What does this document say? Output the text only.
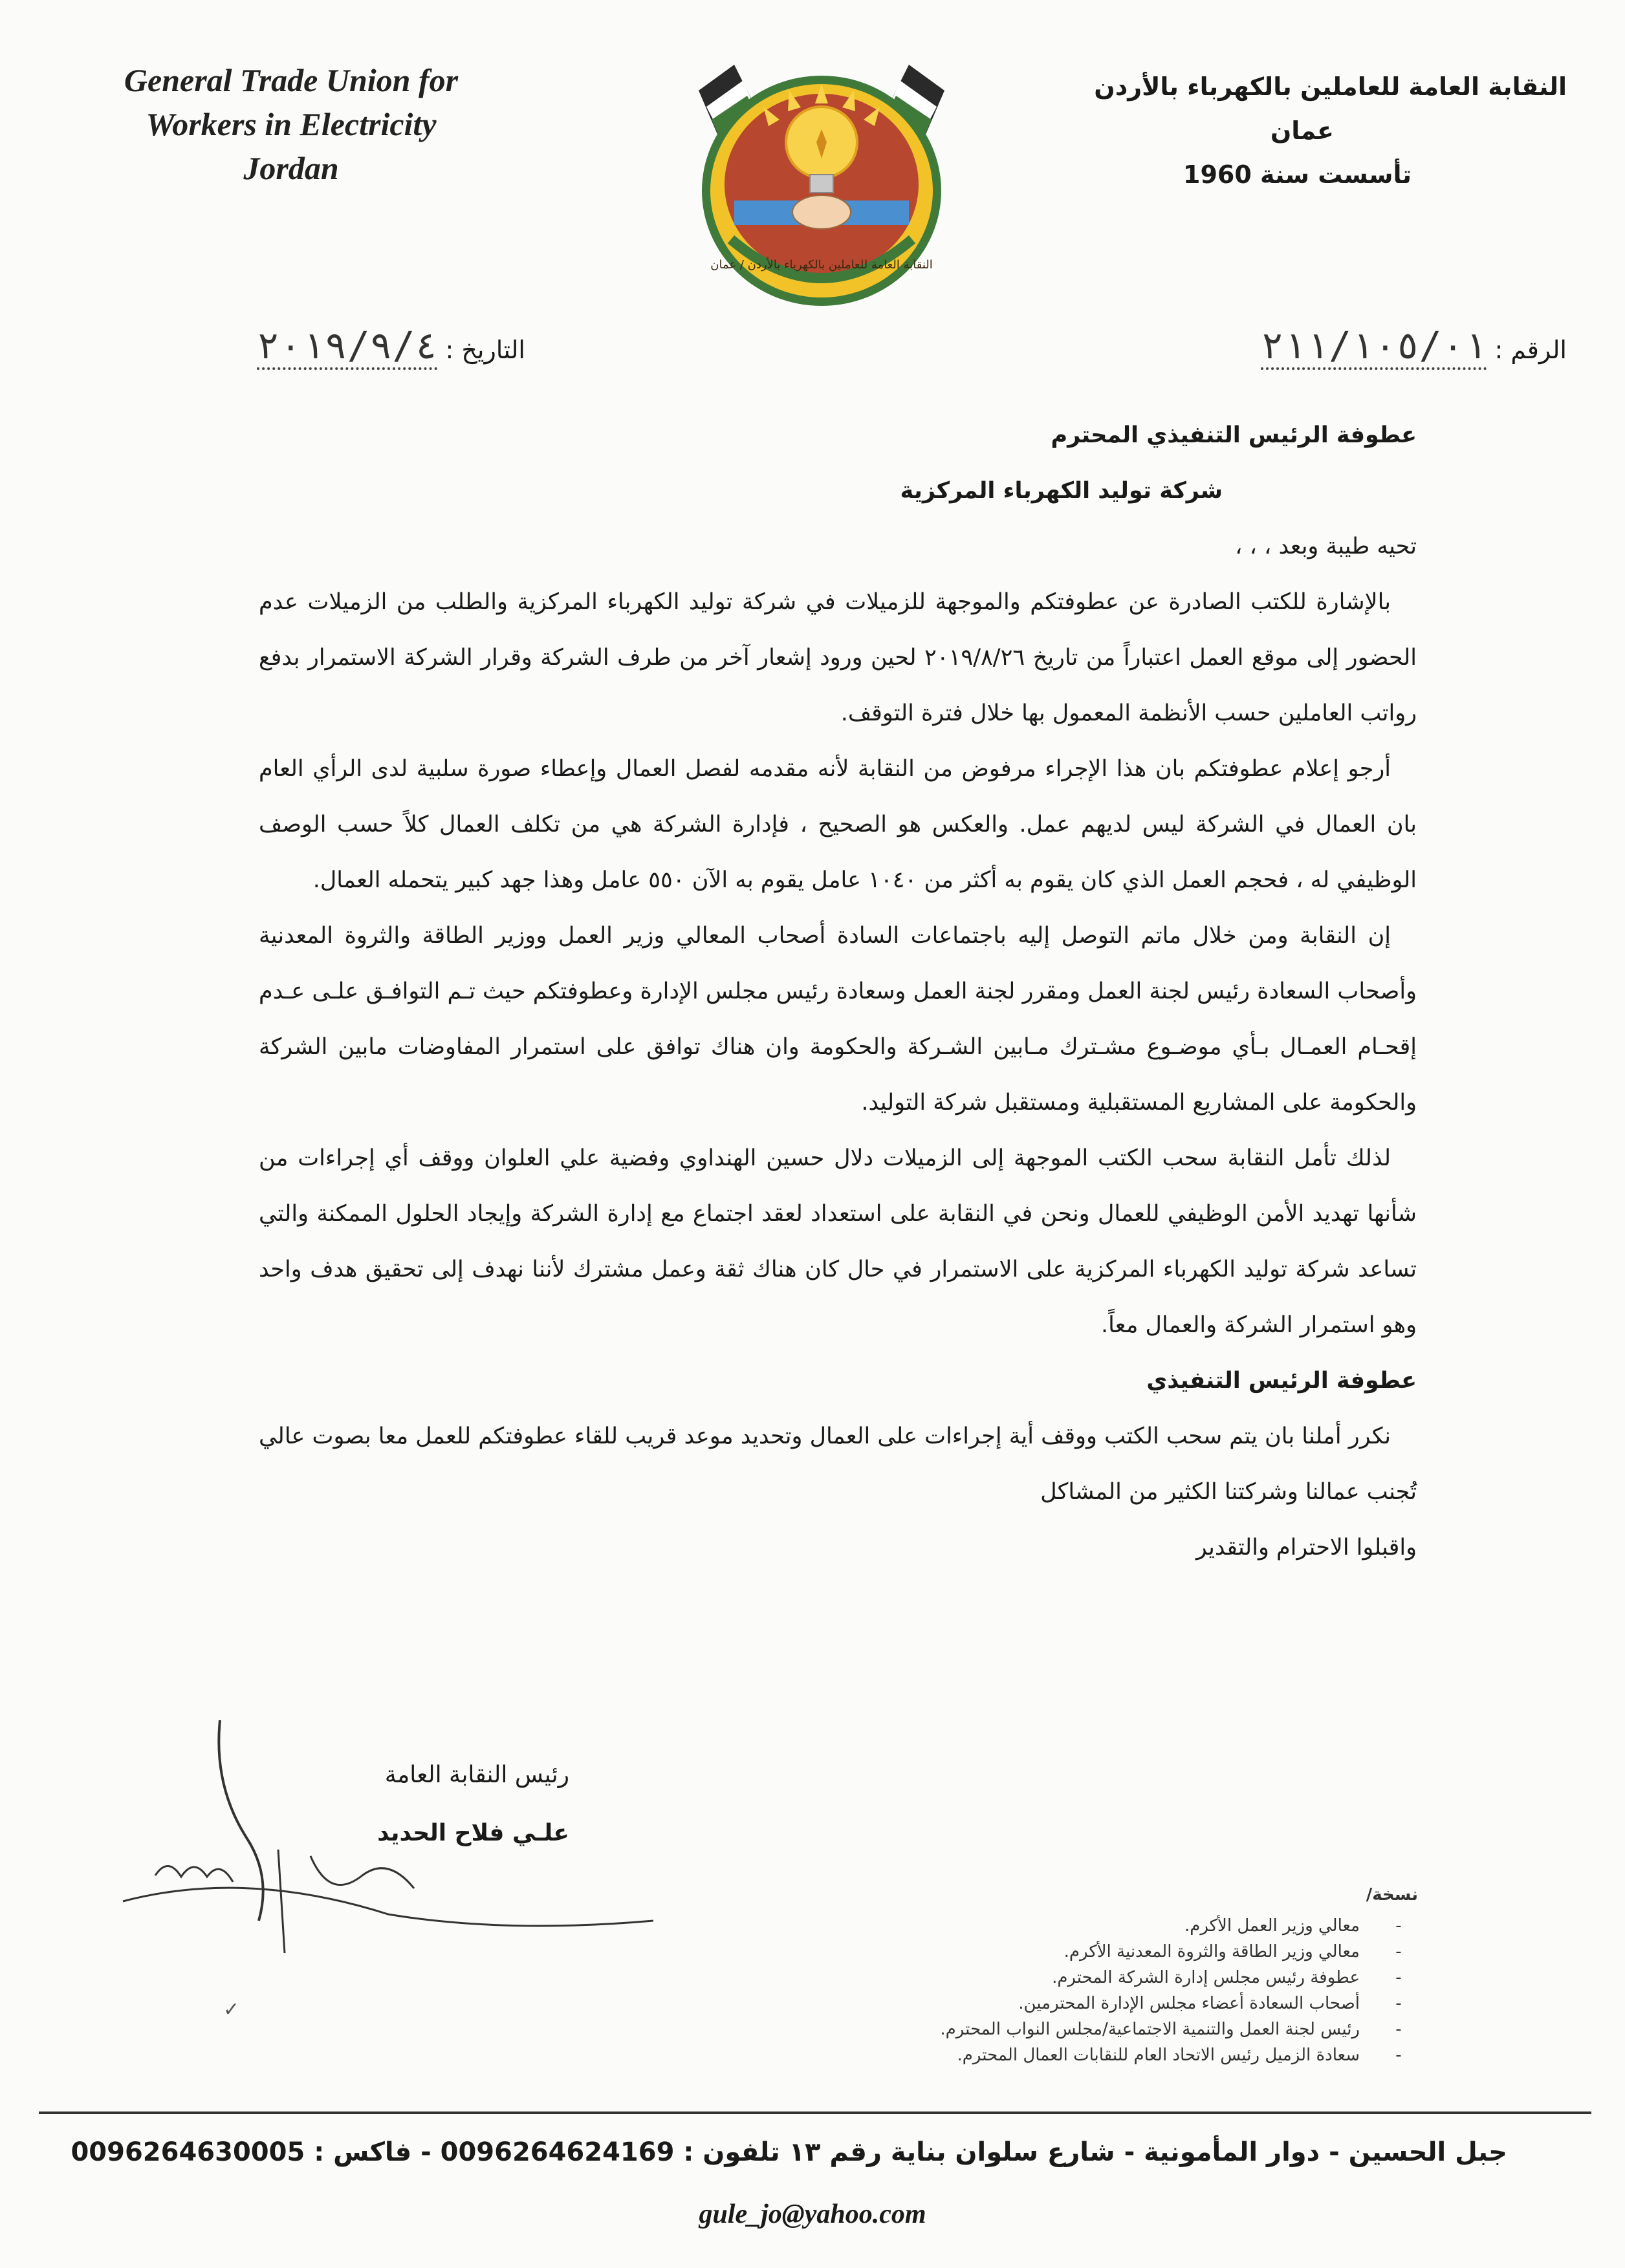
General Trade Union for
Workers in Electricity
Jordan
النقابة العامة للعاملين بالكهرباء بالأردن / عمان
النقابة العامة للعاملين بالكهرباء بالأردن
عمان
تأسست سنة 1960
الرقم : ٢١١/١٠٥/٠١
التاريخ : ٢٠١٩/٩/٤

عطوفة الرئيس التنفيذي المحترم

شركة توليد الكهرباء المركزية

تحيه طيبة وبعد ، ، ،

بالإشارة للكتب الصادرة عن عطوفتكم والموجهة للزميلات في شركة توليد الكهرباء المركزية والطلب من الزميلات عدم الحضور إلى موقع العمل اعتباراً من تاريخ ٢٠١٩/٨/٢٦ لحين ورود إشعار آخر من طرف الشركة وقرار الشركة الاستمرار بدفع رواتب العاملين حسب الأنظمة المعمول بها خلال فترة التوقف.

أرجو إعلام عطوفتكم بان هذا الإجراء مرفوض من النقابة لأنه مقدمه لفصل العمال وإعطاء صورة سلبية لدى الرأي العام بان العمال في الشركة ليس لديهم عمل. والعكس هو الصحيح ، فإدارة الشركة هي من تكلف العمال كلاً حسب الوصف الوظيفي له ، فحجم العمل الذي كان يقوم به أكثر من ١٠٤٠ عامل يقوم به الآن ٥٥٠ عامل وهذا جهد كبير يتحمله العمال.

إن النقابة ومن خلال ماتم التوصل إليه باجتماعات السادة أصحاب المعالي وزير العمل ووزير الطاقة والثروة المعدنية وأصحاب السعادة رئيس لجنة العمل ومقرر لجنة العمل وسعادة رئيس مجلس الإدارة وعطوفتكم حيث تـم التوافـق علـى عـدم إقحـام العمـال بـأي موضـوع مشـترك مـابين الشـركة والحكومة وان هناك توافق على استمرار المفاوضات مابين الشركة والحكومة على المشاريع المستقبلية ومستقبل شركة التوليد.

لذلك تأمل النقابة سحب الكتب الموجهة إلى الزميلات دلال حسين الهنداوي وفضية علي العلوان ووقف أي إجراءات من شأنها تهديد الأمن الوظيفي للعمال ونحن في النقابة على استعداد لعقد اجتماع مع إدارة الشركة وإيجاد الحلول الممكنة والتي تساعد شركة توليد الكهرباء المركزية على الاستمرار في حال كان هناك ثقة وعمل مشترك لأننا نهدف إلى تحقيق هدف واحد وهو استمرار الشركة والعمال معاً.

عطوفة الرئيس التنفيذي

نكرر أملنا بان يتم سحب الكتب ووقف أية إجراءات على العمال وتحديد موعد قريب للقاء عطوفتكم للعمل معا بصوت عالي تُجنب عمالنا وشركتنا الكثير من المشاكل

واقبلوا الاحترام والتقدير

رئيس النقابة العامة
علـي فلاح الحديد
✓
نسخة/
-معالي وزير العمل الأكرم.
-معالي وزير الطاقة والثروة المعدنية الأكرم.
-عطوفة رئيس مجلس إدارة الشركة المحترم.
-أصحاب السعادة أعضاء مجلس الإدارة المحترمين.
-رئيس لجنة العمل والتنمية الاجتماعية/مجلس النواب المحترم.
-سعادة الزميل رئيس الاتحاد العام للنقابات العمال المحترم.
جبل الحسين - دوار المأمونية - شارع سلوان بناية رقم ١٣ تلفون : 0096264624169 - فاكس : 0096264630005
gule_jo@yahoo.com
